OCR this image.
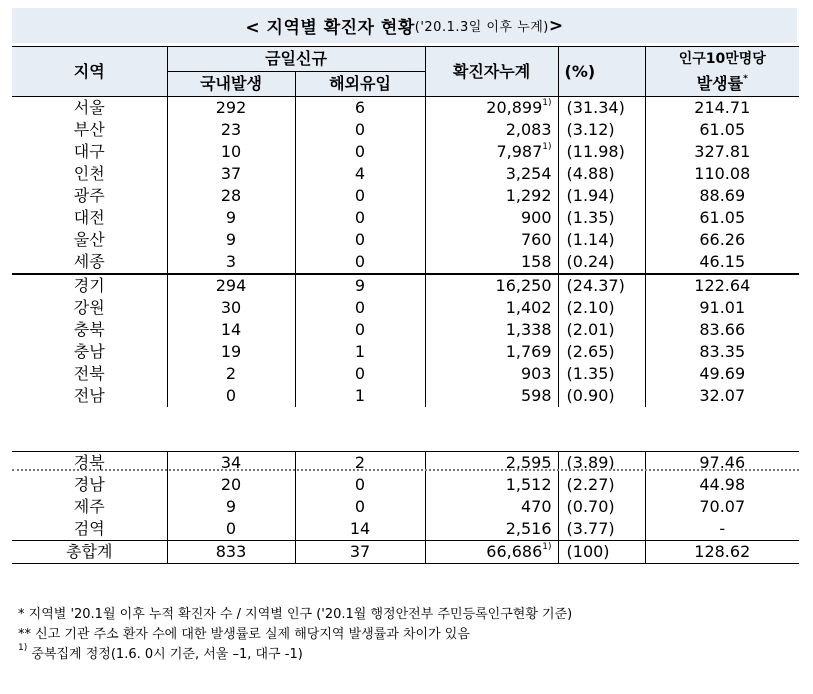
< 지역별 확진자 현황 ('20.1.3일 이후 누계) >
지역	금일신규		확진자누계	(%)	인구10만명당
	국내발생	해외유입			발생률*
서울	292	6	20,899$^{1)}$	(31.34)	214.71
부산	23	0	2,083	(3.12)	61.05
대구	10	0	7,987$^{1)}$	(11.98)	327.81
인천	37	4	3,254	(4.88)	110.08
광주	28	0	1,292	(1.94)	88.69
대전	9	0	900	(1.35)	61.05
울산	9	0	760	(1.14)	66.26
세종	3	0	158	(0.24)	46.15
경기	294	9	16,250	(24.37)	122.64
강원	30	0	1,402	(2.10)	91.01
충북	14	0	1,338	(2.01)	83.66
충남	19	1	1,769	(2.65)	83.35
전북	2	0	903	(1.35)	49.69
전남	0	1	598	(0.90)	32.07

경북	34	2	2,595	(3.89)	97.46
경남	20	0	1,512	(2.27)	44.98
제주	9	0	470	(0.70)	70.07
검역	0	14	2,516	(3.77)	-
총합계	833	37	66,686$^{1)}$	(100)	128.62
* 지역별 '20.1월 이후 누적 확진자 수 / 지역별 인구 ('20.1월 행정안전부 주민등록인구현황 기준)
** 신고 기관 주소 환자 수에 대한 발생률로 실제 해당지역 발생률과 차이가 있음
$^{1)}$ 중복집계 정정(1.6. 0시 기준, 서울 –1, 대구 -1)
